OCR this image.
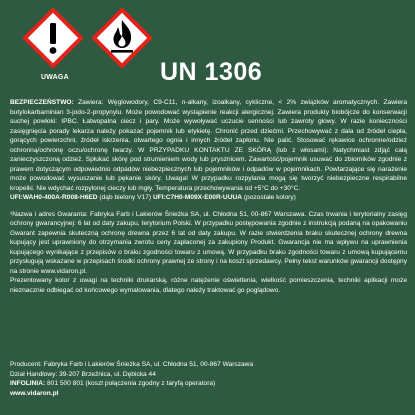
UWAGA	UN 1306

BEZPIECZEŃSTWO: Zawiera: Węglowodory, C9-C11, n-alkany, izoalkany, cykliczne, < 2% związków aromatycznych. Zawiera butylokarbaminian 3-jodo-2-propynylu. Może powodować wystąpienie reakcji alergicznej. Zawiera produkty biobójcze do konserwacji suchej powłoki: IPBC. Łatwopalna ciecz i pary. Może wywoływać uczucie senności lub zawroty głowy. W razie konieczności zasięgnięcia porady lekarza należy pokazać pojemnik lub etykietę. Chronić przed dziećmi. Przechowywać z dala od źródeł ciepła, gorących powierzchni, źródeł iskrzenia, otwartego ognia i innych źródeł zapłonu. Nie palić. Stosować rękawice ochronne/odzież ochronną/ochronę oczu/ochronę twarzy. W PRZYPADKU KONTAKTU ZE SKÓRĄ (lub z włosami): Natychmiast zdjąć całą zanieczyszczoną odzież. Spłukać skórę pod strumieniem wody lub prysznicem. Zawartość/pojemnik usuwać do zbiorników zgodnie z prawem dotyczącym odpowiednio odpadów niebezpiecznych lub pojemników i odpadów w pojemnikach. Powtarzające się narażenie może powodować wysuszanie lub pękanie skóry. Uwaga! W przypadku rozpylania mogą się tworzyć niebezpieczne respirabilne kropelki. Nie wdychać rozpylonej cieczy lub mgły. Temperatura przechowywania od +5°C do +30°C.

UFI:WAH0-400A-R008-H6ED (dąb bielony V17) UFI:C7H0-M09X-E00R-UUUA (pozostałe kolory)

¹Nazwa i adres Gwaranta: Fabryka Farb i Lakierów Śnieżka SA, ul. Chłodna 51, 00-867 Warszawa. Czas trwania i terytorialny zasięg ochrony gwarancyjnej: 6 lat od daty zakupu, terytorium Polski. W przypadku postępowania zgodnie z instrukcją podaną na opakowaniu Gwarant zapewnia skuteczną ochronę drewna przez 6 lat od daty zakupu. W razie stwierdzenia braku skutecznej ochrony drewna kupujący jest uprawniony do otrzymania zwrotu ceny zapłaconej za zakupiony Produkt. Gwarancja nie ma wpływu na uprawnienia kupującego wynikające z przepisów o braku zgodności towaru z umową. W przypadku braku zgodności towaru z umową kupującemu przysługują wskazane w przepisach środki ochrony prawnej ze strony i na koszt sprzedawcy. Pełny tekst warunków gwarancji dostępny na stronie www.vidaron.pl.

Prezentowany kolor z uwagi na techniki drukarską, różne natężenie oświetlenia, wielkość pomieszczenia, techniki aplikacji może nieznacznie odbiegać od końcowego wymalowania, dlatego należy traktować go poglądowo.

Producent: Fabryka Farb i Lakierów Śnieżka SA, ul. Chłodna 51, 00-867 Warszawa

Dział Handlowy: 39-207 Brzeźnica, ul. Dębicka 44

INFOLINIA: 801 500 801 (koszt połączenia zgodny z taryfą operatora)

www.vidaron.pl
